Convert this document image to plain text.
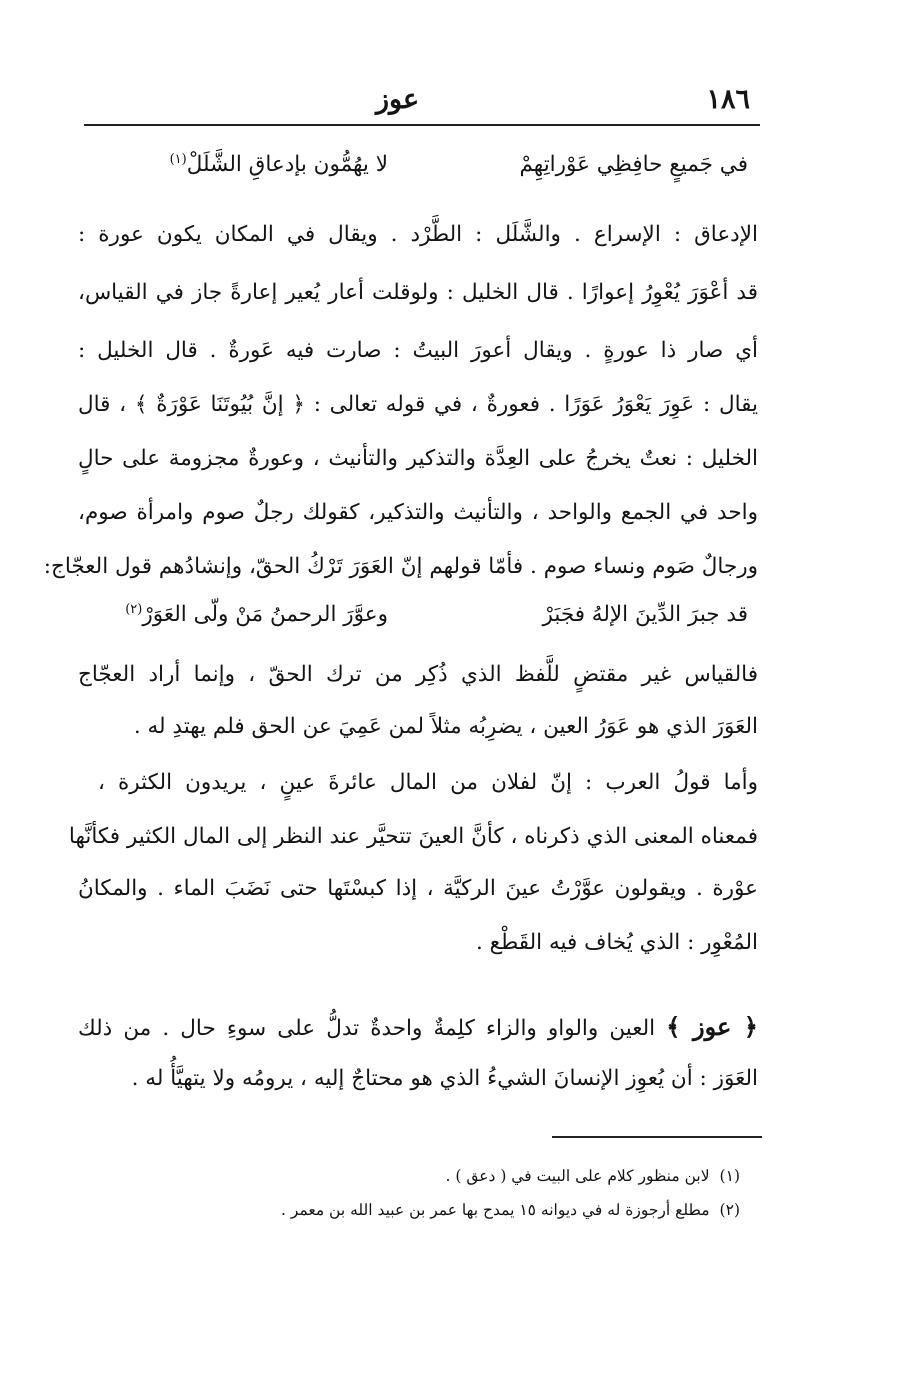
١٨٦
عوز
في جَميعٍ حافِظِي عَوْراتِهِمْ
لا يهُمُّون بإدعاقِ الشَّلَلْ$^{(١)}$
الإدعاق : الإسراع . والشَّلَل : الطَّرْد . ويقال في المكان يكون عورة :
قد أعْوَرَ يُعْوِرُ إعوارًا . قال الخليل : ولوقلت أعار يُعير إعارةً جاز في القياس،
أي صار ذا عورةٍ . ويقال أعورَ البيتُ : صارت فيه عَورةٌ . قال الخليل :
يقال : عَوِرَ يَعْوَرُ عَوَرًا . فعورةٌ ، في قوله تعالى : ﴿ إنَّ بُيُوتَنَا عَوْرَةٌ ﴾ ، قال
الخليل : نعتٌ يخرجُ على العِدَّة والتذكير والتأنيث ، وعورةٌ مجزومة على حالٍ
واحد في الجمع والواحد ، والتأنيث والتذكير، كقولك رجلٌ صوم وامرأة صوم،
ورجالٌ صَوم ونساء صوم . فأمّا قولهم إنّ العَوَرَ تَرْكُ الحقّ، وإنشادُهم قول العجّاج:
قد جبرَ الدِّينَ الإلهُ فجَبَرْ
وعوَّرَ الرحمنُ مَنْ ولّى العَوَرْ$^{(٢)}$
فالقياس غير مقتضٍ للَّفظ الذي ذُكِر من ترك الحقّ ، وإنما أراد العجّاج
العَوَرَ الذي هو عَوَرُ العين ، يضرِبُه مثلاً لمن عَمِيَ عن الحق فلم يهتدِ له .
وأما قولُ العرب : إنّ لفلان من المال عائرةَ عينٍ ، يريدون الكثرة ،
فمعناه المعنى الذي ذكرناه ، كأنَّ العينَ تتحيَّر عند النظر إلى المال الكثير فكأنَّها
عوْرة . ويقولون عوَّرْتُ عينَ الركيَّة ، إذا كبسْتَها حتى نَضَبَ الماء . والمكانُ
المُعْوِر : الذي يُخاف فيه القَطْع .
﴿ عوز ﴾ العين والواو والزاء كلِمةٌ واحدةٌ تدلُّ على سوءِ حال . من ذلك
العَوَز : أن يُعوِز الإنسانَ الشيءُ الذي هو محتاجٌ إليه ، يرومُه ولا يتهيَّأُ له .
(١)لابن منظور كلام على البيت في ( دعق ) .
(٢)مطلع أرجوزة له في ديوانه ١٥ يمدح بها عمر بن عبيد الله بن معمر .
